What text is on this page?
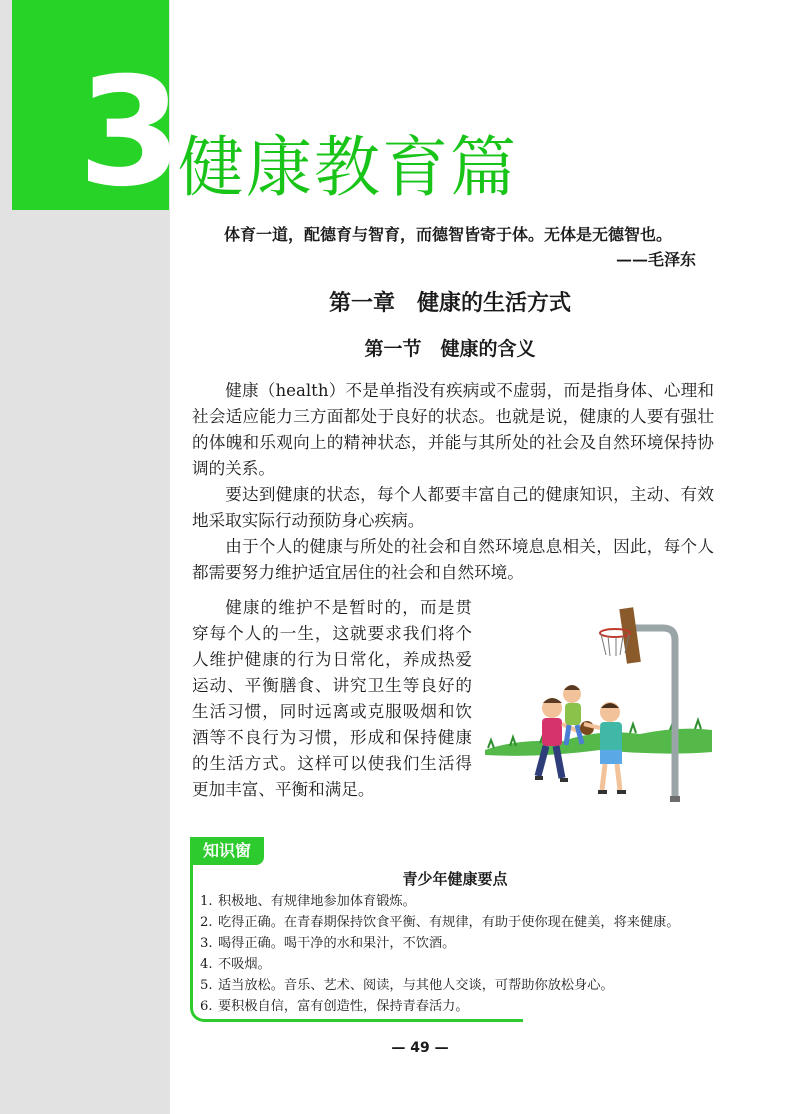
3 健康教育篇
体育一道，配德育与智育，而德智皆寄于体。无体是无德智也。
——毛泽东
第一章　健康的生活方式
第一节　健康的含义

健康（health）不是单指没有疾病或不虚弱，而是指身体、心理和社会适应能力三方面都处于良好的状态。也就是说，健康的人要有强壮的体魄和乐观向上的精神状态，并能与其所处的社会及自然环境保持协调的关系。

要达到健康的状态，每个人都要丰富自己的健康知识，主动、有效地采取实际行动预防身心疾病。

由于个人的健康与所处的社会和自然环境息息相关，因此，每个人都需要努力维护适宜居住的社会和自然环境。

健康的维护不是暂时的，而是贯穿每个人的一生，这就要求我们将个人维护健康的行为日常化，养成热爱运动、平衡膳食、讲究卫生等良好的生活习惯，同时远离或克服吸烟和饮酒等不良行为习惯，形成和保持健康的生活方式。这样可以使我们生活得更加丰富、平衡和满足。

知识窗
青少年健康要点
1. 积极地、有规律地参加体育锻炼。
2. 吃得正确。在青春期保持饮食平衡、有规律，有助于使你现在健美，将来健康。
3. 喝得正确。喝干净的水和果汁，不饮酒。
4. 不吸烟。
5. 适当放松。音乐、艺术、阅读，与其他人交谈，可帮助你放松身心。
6. 要积极自信，富有创造性，保持青春活力。
— 49 —
